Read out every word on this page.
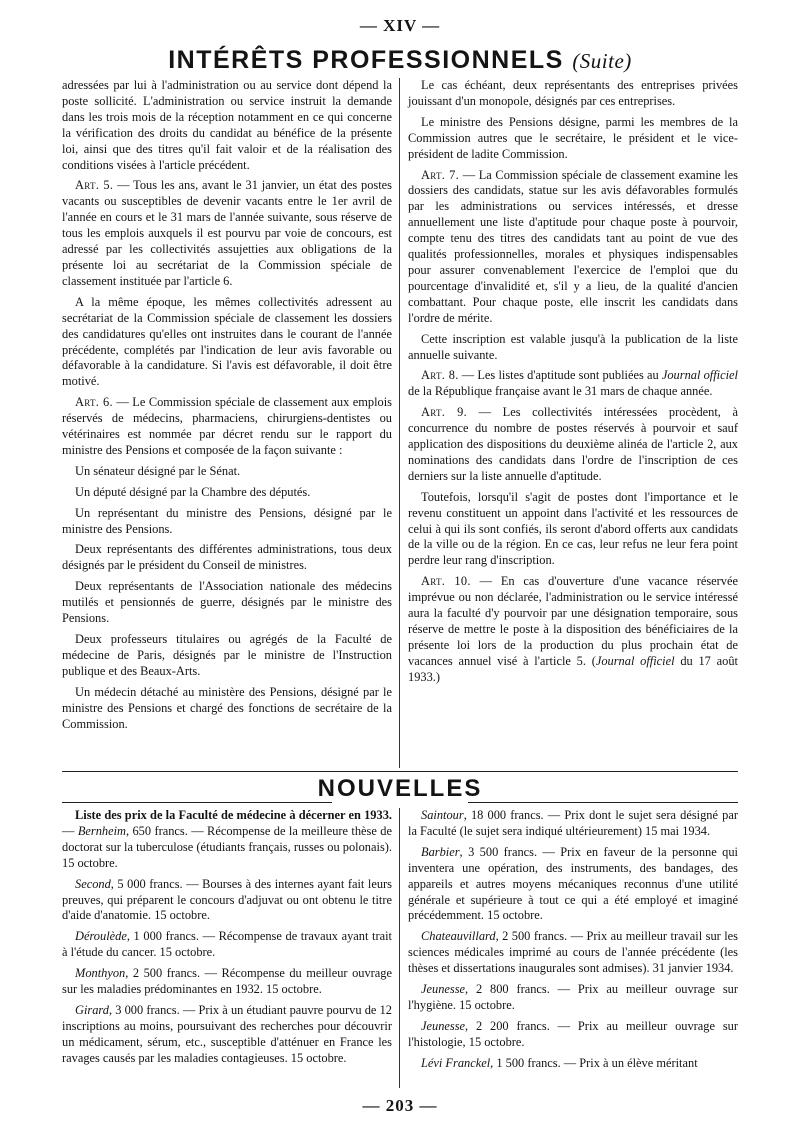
— XIV —
INTÉRÊTS PROFESSIONNELS (Suite)

adressées par lui à l'administration ou au service dont dépend la poste sollicité. L'administration ou service instruit la demande dans les trois mois de la réception notamment en ce qui concerne la vérification des droits du candidat au bénéfice de la présente loi, ainsi que des titres qu'il fait valoir et de la réalisation des conditions visées à l'article précédent.

Art. 5. — Tous les ans, avant le 31 janvier, un état des postes vacants ou susceptibles de devenir vacants entre le 1er avril de l'année en cours et le 31 mars de l'année suivante, sous réserve de tous les emplois auxquels il est pourvu par voie de concours, est adressé par les collectivités assujetties aux obligations de la présente loi au secrétariat de la Commission spéciale de classement instituée par l'article 6.

A la même époque, les mêmes collectivités adressent au secrétariat de la Commission spéciale de classement les dossiers des candidatures qu'elles ont instruites dans le courant de l'année précédente, complétés par l'indication de leur avis favorable ou défavorable à la candidature. Si l'avis est défavorable, il doit être motivé.

Art. 6. — Le Commission spéciale de classement aux emplois réservés de médecins, pharmaciens, chirurgiens-dentistes ou vétérinaires est nommée par décret rendu sur le rapport du ministre des Pensions et composée de la façon suivante :

Un sénateur désigné par le Sénat.

Un député désigné par la Chambre des députés.

Un représentant du ministre des Pensions, désigné par le ministre des Pensions.

Deux représentants des différentes administrations, tous deux désignés par le président du Conseil de ministres.

Deux représentants de l'Association nationale des médecins mutilés et pensionnés de guerre, désignés par le ministre des Pensions.

Deux professeurs titulaires ou agrégés de la Faculté de médecine de Paris, désignés par le ministre de l'Instruction publique et des Beaux-Arts.

Un médecin détaché au ministère des Pensions, désigné par le ministre des Pensions et chargé des fonctions de secrétaire de la Commission.

Le cas échéant, deux représentants des entreprises privées jouissant d'un monopole, désignés par ces entreprises.

Le ministre des Pensions désigne, parmi les membres de la Commission autres que le secrétaire, le président et le vice-président de ladite Commission.

Art. 7. — La Commission spéciale de classement examine les dossiers des candidats, statue sur les avis défavorables formulés par les administrations ou services intéressés, et dresse annuellement une liste d'aptitude pour chaque poste à pourvoir, compte tenu des titres des candidats tant au point de vue des qualités professionnelles, morales et physiques indispensables pour assurer convenablement l'exercice de l'emploi que du pourcentage d'invalidité et, s'il y a lieu, de la qualité d'ancien combattant. Pour chaque poste, elle inscrit les candidats dans l'ordre de mérite.

Cette inscription est valable jusqu'à la publication de la liste annuelle suivante.

Art. 8. — Les listes d'aptitude sont publiées au Journal officiel de la République française avant le 31 mars de chaque année.

Art. 9. — Les collectivités intéressées procèdent, à concurrence du nombre de postes réservés à pourvoir et sauf application des dispositions du deuxième alinéa de l'article 2, aux nominations des candidats dans l'ordre de l'inscription de ces derniers sur la liste annuelle d'aptitude.

Toutefois, lorsqu'il s'agit de postes dont l'importance et le revenu constituent un appoint dans l'activité et les ressources de celui à qui ils sont confiés, ils seront d'abord offerts aux candidats de la ville ou de la région. En ce cas, leur refus ne leur fera point perdre leur rang d'inscription.

Art. 10. — En cas d'ouverture d'une vacance réservée imprévue ou non déclarée, l'administration ou le service intéressé aura la faculté d'y pourvoir par une désignation temporaire, sous réserve de mettre le poste à la disposition des bénéficiaires de la présente loi lors de la production du plus prochain état de vacances annuel visé à l'article 5. (Journal officiel du 17 août 1933.)

NOUVELLES

Liste des prix de la Faculté de médecine à décerner en 1933. — Bernheim, 650 francs. — Récompense de la meilleure thèse de doctorat sur la tuberculose (étudiants français, russes ou polonais). 15 octobre.

Second, 5 000 francs. — Bourses à des internes ayant fait leurs preuves, qui préparent le concours d'adjuvat ou ont obtenu le titre d'aide d'anatomie. 15 octobre.

Déroulède, 1 000 francs. — Récompense de travaux ayant trait à l'étude du cancer. 15 octobre.

Monthyon, 2 500 francs. — Récompense du meilleur ouvrage sur les maladies prédominantes en 1932. 15 octobre.

Girard, 3 000 francs. — Prix à un étudiant pauvre pourvu de 12 inscriptions au moins, poursuivant des recherches pour découvrir un médicament, sérum, etc., susceptible d'atténuer en France les ravages causés par les maladies contagieuses. 15 octobre.

Saintour, 18 000 francs. — Prix dont le sujet sera désigné par la Faculté (le sujet sera indiqué ultérieurement) 15 mai 1934.

Barbier, 3 500 francs. — Prix en faveur de la personne qui inventera une opération, des instruments, des bandages, des appareils et autres moyens mécaniques reconnus d'une utilité générale et supérieure à tout ce qui a été employé et imaginé précédemment. 15 octobre.

Chateauvillard, 2 500 francs. — Prix au meilleur travail sur les sciences médicales imprimé au cours de l'année précédente (les thèses et dissertations inaugurales sont admises). 31 janvier 1934.

Jeunesse, 2 800 francs. — Prix au meilleur ouvrage sur l'hygiène. 15 octobre.

Jeunesse, 2 200 francs. — Prix au meilleur ouvrage sur l'histologie, 15 octobre.

Lévi Franckel, 1 500 francs. — Prix à un élève méritant

— 203 —
